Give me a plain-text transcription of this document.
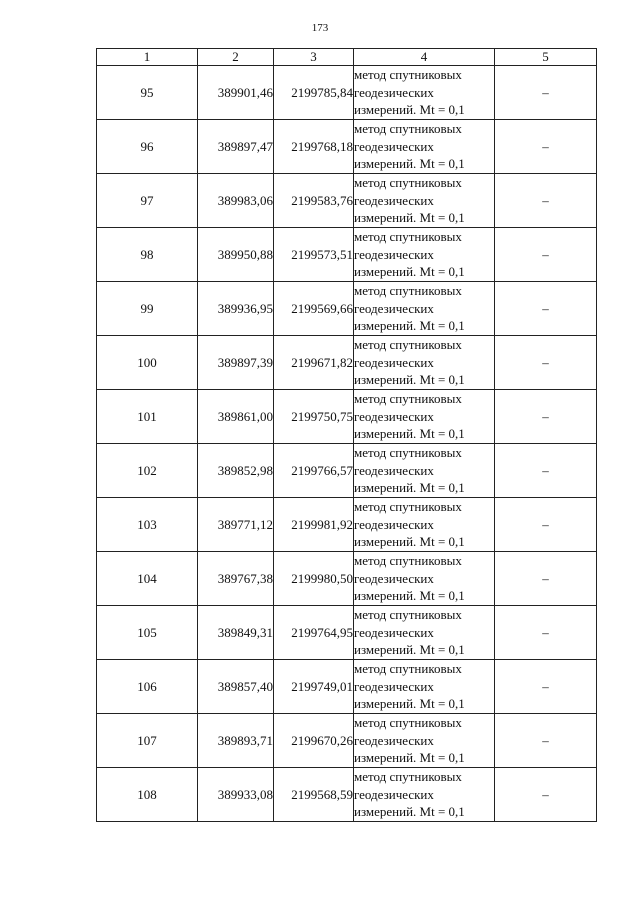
173
1	2	3	4	5
95	389901,46	2199785,84	метод спутниковых
геодезических
измерений. Mt = 0,1	–
96	389897,47	2199768,18	метод спутниковых
геодезических
измерений. Mt = 0,1	–
97	389983,06	2199583,76	метод спутниковых
геодезических
измерений. Mt = 0,1	–
98	389950,88	2199573,51	метод спутниковых
геодезических
измерений. Mt = 0,1	–
99	389936,95	2199569,66	метод спутниковых
геодезических
измерений. Mt = 0,1	–
100	389897,39	2199671,82	метод спутниковых
геодезических
измерений. Mt = 0,1	–
101	389861,00	2199750,75	метод спутниковых
геодезических
измерений. Mt = 0,1	–
102	389852,98	2199766,57	метод спутниковых
геодезических
измерений. Mt = 0,1	–
103	389771,12	2199981,92	метод спутниковых
геодезических
измерений. Mt = 0,1	–
104	389767,38	2199980,50	метод спутниковых
геодезических
измерений. Mt = 0,1	–
105	389849,31	2199764,95	метод спутниковых
геодезических
измерений. Mt = 0,1	–
106	389857,40	2199749,01	метод спутниковых
геодезических
измерений. Mt = 0,1	–
107	389893,71	2199670,26	метод спутниковых
геодезических
измерений. Mt = 0,1	–
108	389933,08	2199568,59	метод спутниковых
геодезических
измерений. Mt = 0,1	–
